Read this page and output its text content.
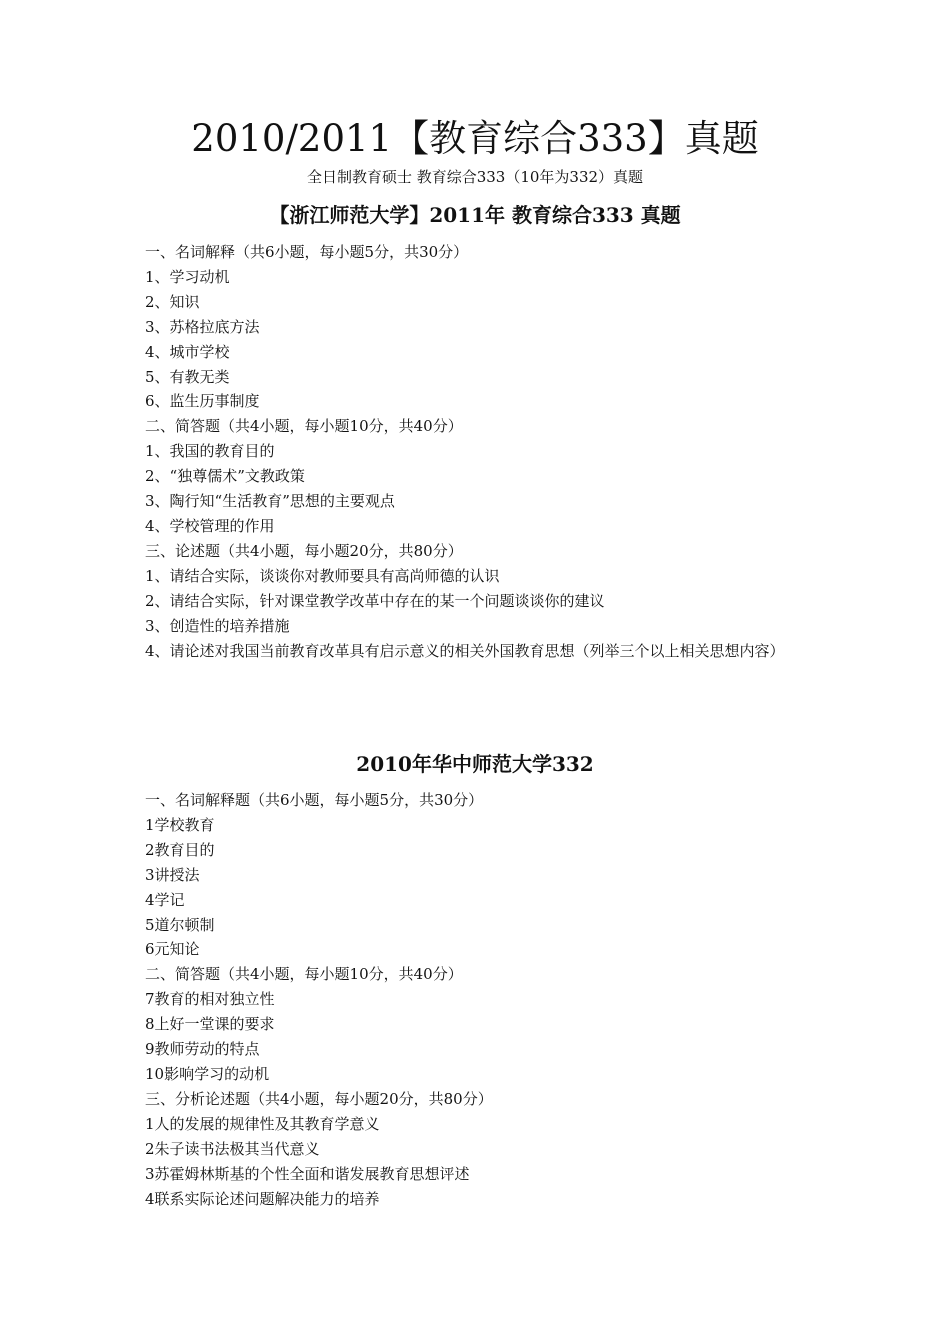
2010/2011【教育综合333】真题
全日制教育硕士 教育综合333（10年为332）真题
【浙江师范大学】2011年 教育综合333 真题
一、名词解释（共6小题，每小题5分，共30分）
1、学习动机
2、知识
3、苏格拉底方法
4、城市学校
5、有教无类
6、监生历事制度
二、简答题（共4小题，每小题10分，共40分）
1、我国的教育目的
2、“独尊儒术”文教政策
3、陶行知“生活教育”思想的主要观点
4、学校管理的作用
三、论述题（共4小题，每小题20分，共80分）
1、请结合实际，谈谈你对教师要具有高尚师德的认识
2、请结合实际，针对课堂教学改革中存在的某一个问题谈谈你的建议
3、创造性的培养措施
4、请论述对我国当前教育改革具有启示意义的相关外国教育思想（列举三个以上相关思想内容）
2010年华中师范大学332
一、名词解释题（共6小题，每小题5分，共30分）
1学校教育
2教育目的
3讲授法
4学记
5道尔顿制
6元知论
二、简答题（共4小题，每小题10分，共40分）
7教育的相对独立性
8上好一堂课的要求
9教师劳动的特点
10影响学习的动机
三、分析论述题（共4小题，每小题20分，共80分）
1人的发展的规律性及其教育学意义
2朱子读书法极其当代意义
3苏霍姆林斯基的个性全面和谐发展教育思想评述
4联系实际论述问题解决能力的培养
